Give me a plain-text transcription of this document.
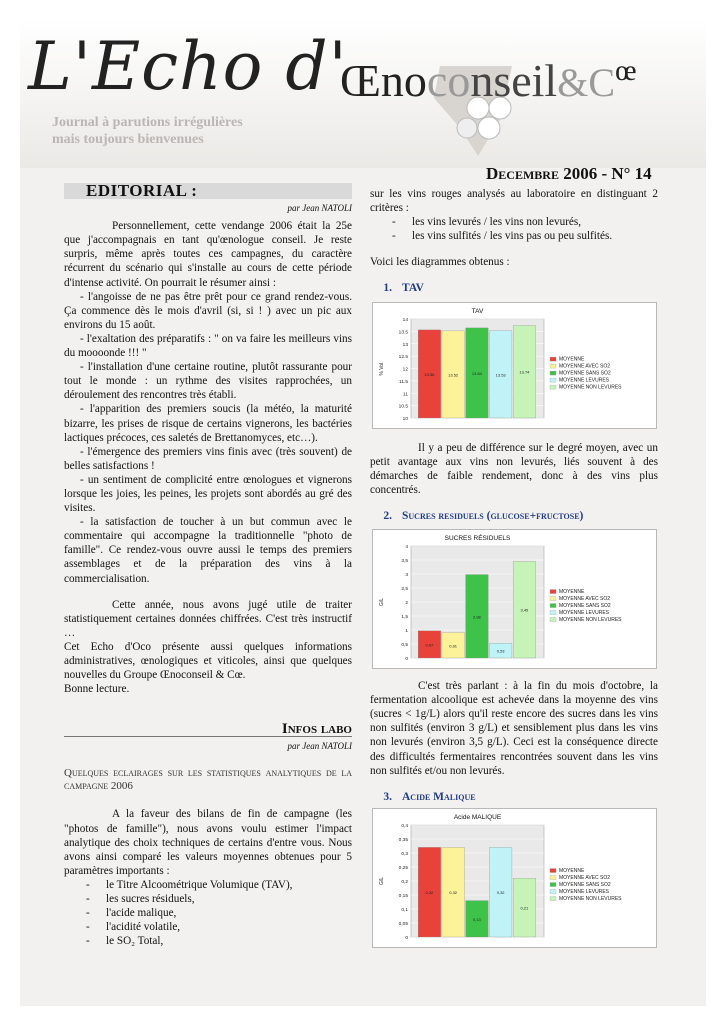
L'Echo d'
$Œnoconseil\&C^œ$
Journal à parutions irrégulières
mais toujours bienvenues
Decembre 2006 - N° 14
EDITORIAL :
par Jean NATOLI

Personnellement, cette vendange 2006 était la 25e que j'accompagnais en tant qu'œnologue conseil. Je reste surpris, même après toutes ces campagnes, du caractère récurrent du scénario qui s'installe au cours de cette période d'intense activité. On pourrait le résumer ainsi :

- l'angoisse de ne pas être prêt pour ce grand rendez-vous. Ça commence dès le mois d'avril (si, si ! ) avec un pic aux environs du 15 août.
- l'exaltation des préparatifs : " on va faire les meilleurs vins du moooonde !!! "
- l'installation d'une certaine routine, plutôt rassurante pour tout le monde : un rythme des visites rapprochées, un déroulement des rencontres très établi.
- l'apparition des premiers soucis (la météo, la maturité bizarre, les prises de risque de certains vignerons, les bactéries lactiques précoces, ces saletés de Brettanomyces, etc…).
- l'émergence des premiers vins finis avec (très souvent) de belles satisfactions !
- un sentiment de complicité entre œnologues et vignerons lorsque les joies, les peines, les projets sont abordés au gré des visites.
- la satisfaction de toucher à un but commun avec le commentaire qui accompagne la traditionnelle "photo de famille". Ce rendez-vous ouvre aussi le temps des premiers assemblages et de la préparation des vins à la commercialisation.

Cette année, nous avons jugé utile de traiter statistiquement certaines données chiffrées. C'est très instructif …

Cet Echo d'Oco présente aussi quelques informations administratives, œnologiques et viticoles, ainsi que quelques nouvelles du Groupe Œnoconseil & Cœ.

Bonne lecture.

Infos labo
par Jean NATOLI
Quelques eclairages sur les statistiques analytiques de la campagne 2006

A la faveur des bilans de fin de campagne (les "photos de famille"), nous avons voulu estimer l'impact analytique des choix techniques de certains d'entre vous. Nous avons ainsi comparé les valeurs moyennes obtenues pour 5 paramètres importants :

- le Titre Alcoométrique Volumique (TAV),
- les sucres résiduels,
- l'acide malique,
- l'acidité volatile,
- le SO₂ Total,

sur les vins rouges analysés au laboratoire en distinguant 2 critères :

- les vins levurés / les vins non levurés,
- les vins sulfités / les vins pas ou peu sulfités.

Voici les diagrammes obtenus :

1. TAV

TAV
10
10.5
11
11.5
12
12.5
13
13.5
14
% Vol.	13.56	13.52	13.64	13.53
13.74
MOYENNE
MOYENNE AVEC SO2
MOYENNE SANS SO2
MOYENNE LEVURES
MOYENNE NON LEVURES

Il y a peu de différence sur le degré moyen, avec un petit avantage aux vins non levurés, liés souvent à des démarches de faible rendement, donc à des vins plus concentrés.

2. Sucres residuels (glucose+fructose)

SUCRES RÉSIDUELS
0
0,5
1
1,5
2
2,5
3
3,5
4
G/L
0,97	0,91
2,98
0,53
3,45
MOYENNE
MOYENNE AVEC SO2
MOYENNE SANS SO2
MOYENNE LEVURES
MOYENNE NON LEVURES

C'est très parlant : à la fin du mois d'octobre, la fermentation alcoolique est achevée dans la moyenne des vins (sucres < 1g/L) alors qu'il reste encore des sucres dans les vins non sulfités (environ 3 g/L) et sensiblement plus dans les vins non levurés (environ 3,5 g/L). Ceci est la conséquence directe des difficultés fermentaires rencontrées souvent dans les vins non sulfités et/ou non levurés.

3. Acide Malique

Acide MALIQUE
0
0,05
0,1
0,15
0,2
0,25
0,3
0,35
0,4
G/L
0,32	0,32
0,13
0,32
0,21
MOYENNE
MOYENNE AVEC SO2
MOYENNE SANS SO2
MOYENNE LEVURES
MOYENNE NON LEVURES
